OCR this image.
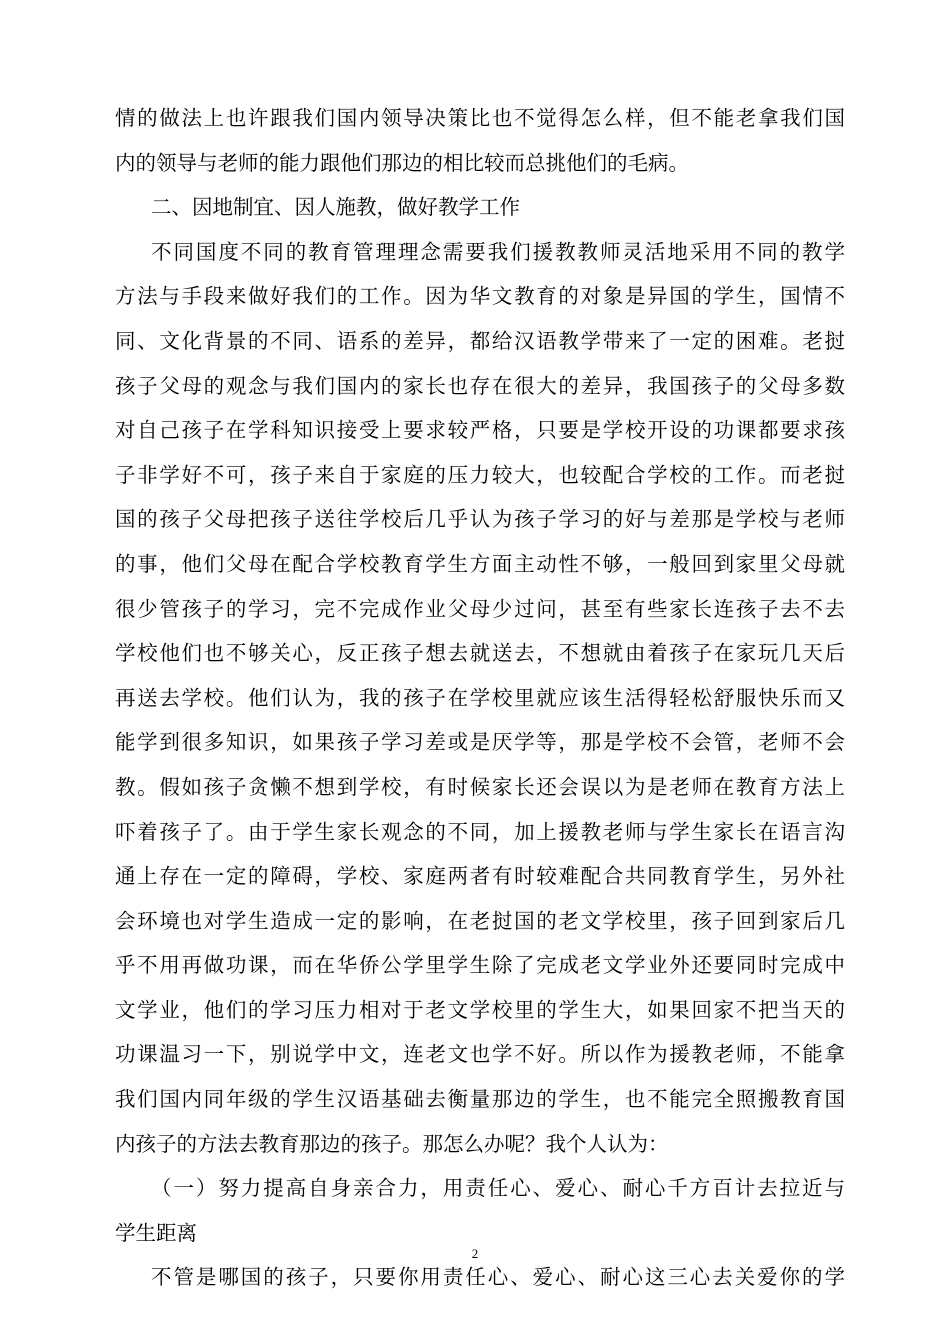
情的做法上也许跟我们国内领导决策比也不觉得怎么样，但不能老拿我们国
内的领导与老师的能力跟他们那边的相比较而总挑他们的毛病。
二、因地制宜、因人施教，做好教学工作
不同国度不同的教育管理理念需要我们援教教师灵活地采用不同的教学
方法与手段来做好我们的工作。因为华文教育的对象是异国的学生，国情不
同、文化背景的不同、语系的差异，都给汉语教学带来了一定的困难。老挝
孩子父母的观念与我们国内的家长也存在很大的差异，我国孩子的父母多数
对自己孩子在学科知识接受上要求较严格，只要是学校开设的功课都要求孩
子非学好不可，孩子来自于家庭的压力较大，也较配合学校的工作。而老挝
国的孩子父母把孩子送往学校后几乎认为孩子学习的好与差那是学校与老师
的事，他们父母在配合学校教育学生方面主动性不够，一般回到家里父母就
很少管孩子的学习，完不完成作业父母少过问，甚至有些家长连孩子去不去
学校他们也不够关心，反正孩子想去就送去，不想就由着孩子在家玩几天后
再送去学校。他们认为，我的孩子在学校里就应该生活得轻松舒服快乐而又
能学到很多知识，如果孩子学习差或是厌学等，那是学校不会管，老师不会
教。假如孩子贪懒不想到学校，有时候家长还会误以为是老师在教育方法上
吓着孩子了。由于学生家长观念的不同，加上援教老师与学生家长在语言沟
通上存在一定的障碍，学校、家庭两者有时较难配合共同教育学生，另外社
会环境也对学生造成一定的影响，在老挝国的老文学校里，孩子回到家后几
乎不用再做功课，而在华侨公学里学生除了完成老文学业外还要同时完成中
文学业，他们的学习压力相对于老文学校里的学生大，如果回家不把当天的
功课温习一下，别说学中文，连老文也学不好。所以作为援教老师，不能拿
我们国内同年级的学生汉语基础去衡量那边的学生，也不能完全照搬教育国
内孩子的方法去教育那边的孩子。那怎么办呢？我个人认为：
（一）努力提高自身亲合力，用责任心、爱心、耐心千方百计去拉近与
学生距离
不管是哪国的孩子，只要你用责任心、爱心、耐心这三心去关爱你的学
2
